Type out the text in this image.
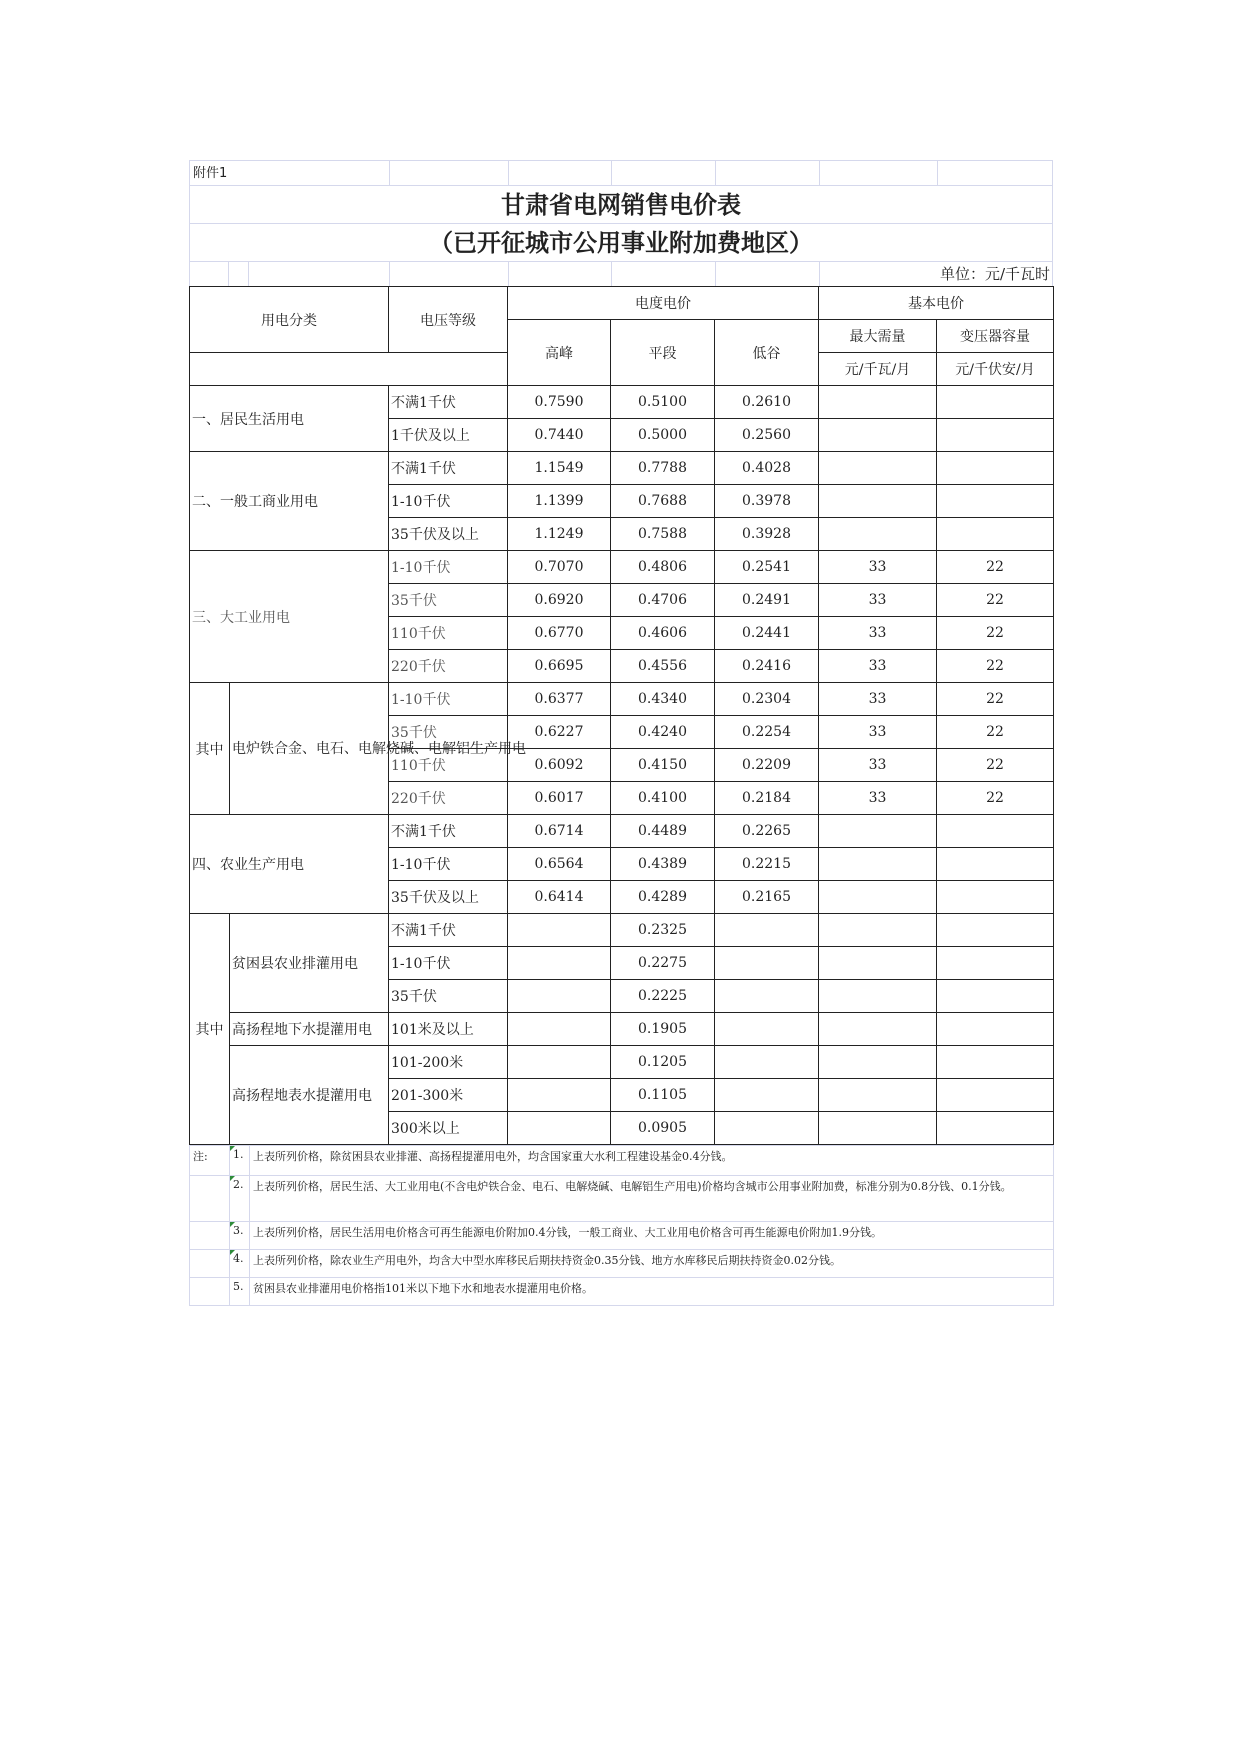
附件1
甘肃省电网销售电价表
（已开征城市公用事业附加费地区）
单位：元/千瓦时
用电分类		电压等级	电度电价			基本电价	
			高峰	平段	低谷	最大需量	变压器容量
						元/千瓦/月	元/千伏安/月
一、居民生活用电		不满1千伏	0.7590	0.5100	0.2610		
		1千伏及以上	0.7440	0.5000	0.2560		
二、一般工商业用电		不满1千伏	1.1549	0.7788	0.4028		
		1-10千伏	1.1399	0.7688	0.3978		
		35千伏及以上	1.1249	0.7588	0.3928		
三、大工业用电		1-10千伏	0.7070	0.4806	0.2541	33	22
		35千伏	0.6920	0.4706	0.2491	33	22
		110千伏	0.6770	0.4606	0.2441	33	22
		220千伏	0.6695	0.4556	0.2416	33	22
其中	电炉铁合金、电石、电解烧碱、电解铝生产用电	1-10千伏	0.6377	0.4340	0.2304	33	22
		35千伏	0.6227	0.4240	0.2254	33	22
		110千伏	0.6092	0.4150	0.2209	33	22
		220千伏	0.6017	0.4100	0.2184	33	22
四、农业生产用电		不满1千伏	0.6714	0.4489	0.2265		
		1-10千伏	0.6564	0.4389	0.2215		
		35千伏及以上	0.6414	0.4289	0.2165		
其中	贫困县农业排灌用电	不满1千伏		0.2325			
		1-10千伏		0.2275			
		35千伏		0.2225			
	高扬程地下水提灌用电	101米及以上		0.1905			
	高扬程地表水提灌用电	101-200米		0.1205			
		201-300米		0.1105			
		300米以上		0.0905			
注:	1.	上表所列价格，除贫困县农业排灌、高扬程提灌用电外，均含国家重大水利工程建设基金0.4分钱。
	2.	上表所列价格，居民生活、大工业用电(不含电炉铁合金、电石、电解烧碱、电解铝生产用电)价格均含城市公用事业附加费，标准分别为0.8分钱、0.1分钱。
	3.	上表所列价格，居民生活用电价格含可再生能源电价附加0.4分钱，一般工商业、大工业用电价格含可再生能源电价附加1.9分钱。
	4.	上表所列价格，除农业生产用电外，均含大中型水库移民后期扶持资金0.35分钱、地方水库移民后期扶持资金0.02分钱。
	5.	贫困县农业排灌用电价格指101米以下地下水和地表水提灌用电价格。
